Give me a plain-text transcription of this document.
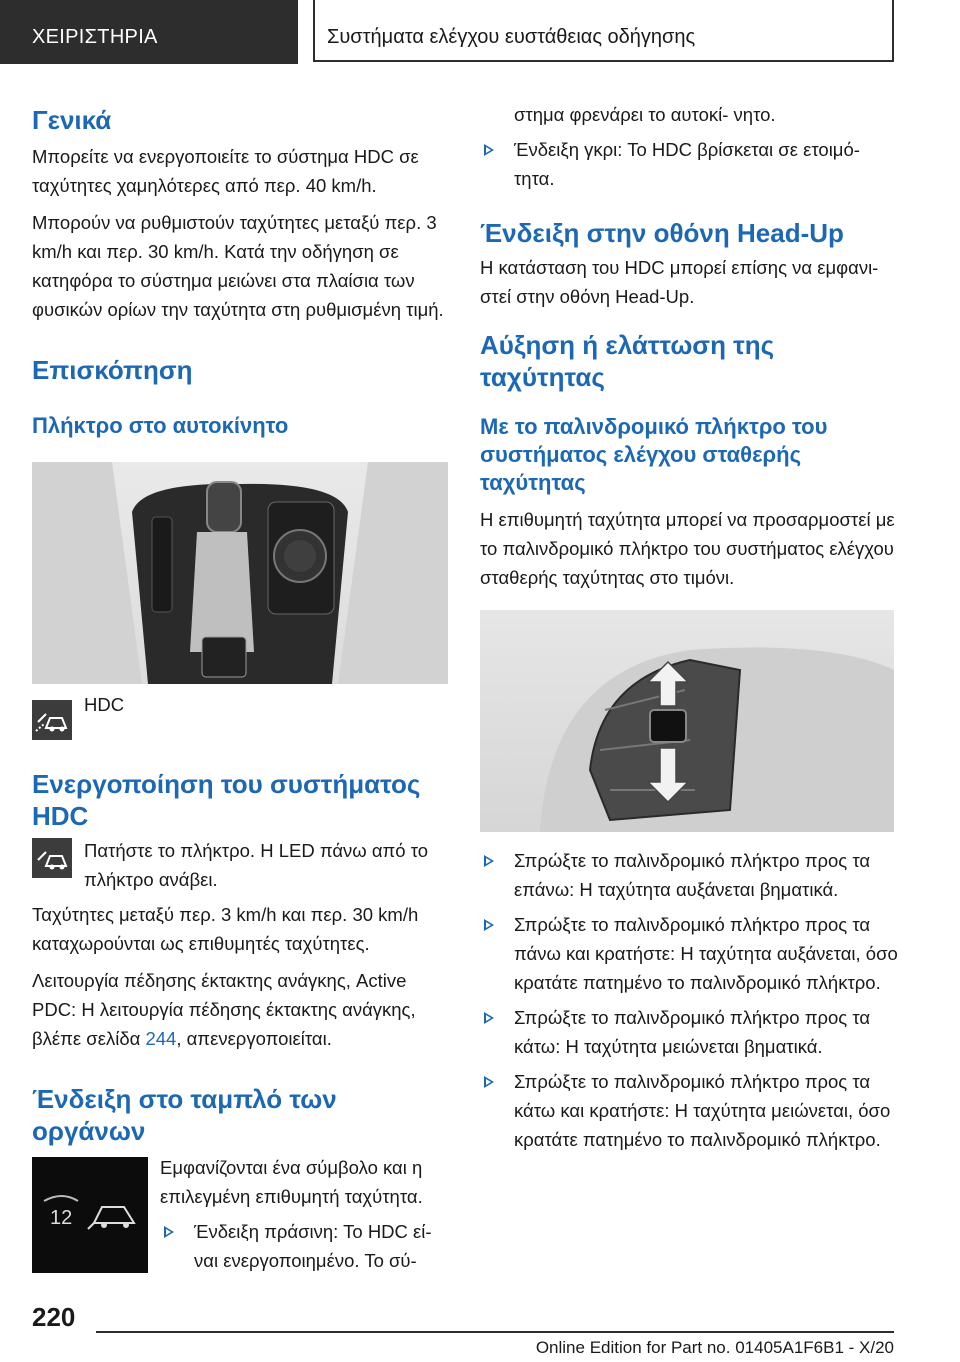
ΧΕΙΡΙΣΤΗΡΙΑ	Συστήματα ελέγχου ευστάθειας οδήγησης
Γενικά

Μπορείτε να ενεργοποιείτε το σύστημα HDC σε ταχύτητες χαμηλότερες από περ. 40 km/h.

Μπορούν να ρυθμιστούν ταχύτητες μεταξύ περ. 3 km/h και περ. 30 km/h. Κατά την οδήγηση σε κατηφόρα το σύστημα μειώνει στα πλαίσια των φυσικών ορίων την ταχύτητα στη ρυθμισμένη τιμή.

Επισκόπηση
Πλήκτρο στο αυτοκίνητο
HDC
Ενεργοποίηση του συστήματος HDC

Πατήστε το πλήκτρο. Η LED πάνω από το πλήκτρο ανάβει.

Ταχύτητες μεταξύ περ. 3 km/h και περ. 30 km/h καταχωρούνται ως επιθυμητές ταχύτητες.

Λειτουργία πέδησης έκτακτης ανάγκης, Active PDC: Η λειτουργία πέδησης έκτακτης ανάγκης, βλέπε σελίδα 244, απενεργοποιείται.

Ένδειξη στο ταμπλό των οργάνων
12

Εμφανίζονται ένα σύμβολο και η επιλεγμένη επιθυμητή ταχύτητα.

Ένδειξη πράσινη: Το HDC εί- ναι ενεργοποιημένο. Το σύ-

στημα φρενάρει το αυτοκί- νητο.

Ένδειξη γκρι: Το HDC βρίσκεται σε ετοιμό- τητα.
Ένδειξη στην οθόνη Head-Up

Η κατάσταση του HDC μπορεί επίσης να εμφανι- στεί στην οθόνη Head-Up.

Αύξηση ή ελάττωση της ταχύτητας
Με το παλινδρομικό πλήκτρο του συστήματος ελέγχου σταθερής ταχύτητας

Η επιθυμητή ταχύτητα μπορεί να προσαρμοστεί με το παλινδρομικό πλήκτρο του συστήματος ελέγχου σταθερής ταχύτητας στο τιμόνι.

Σπρώξτε το παλινδρομικό πλήκτρο προς τα επάνω: Η ταχύτητα αυξάνεται βηματικά.
Σπρώξτε το παλινδρομικό πλήκτρο προς τα πάνω και κρατήστε: Η ταχύτητα αυξάνεται, όσο κρατάτε πατημένο το παλινδρομικό πλήκτρο.
Σπρώξτε το παλινδρομικό πλήκτρο προς τα κάτω: Η ταχύτητα μειώνεται βηματικά.
Σπρώξτε το παλινδρομικό πλήκτρο προς τα κάτω και κρατήστε: Η ταχύτητα μειώνεται, όσο κρατάτε πατημένο το παλινδρομικό πλήκτρο.
220
Online Edition for Part no. 01405A1F6B1 - X/20
